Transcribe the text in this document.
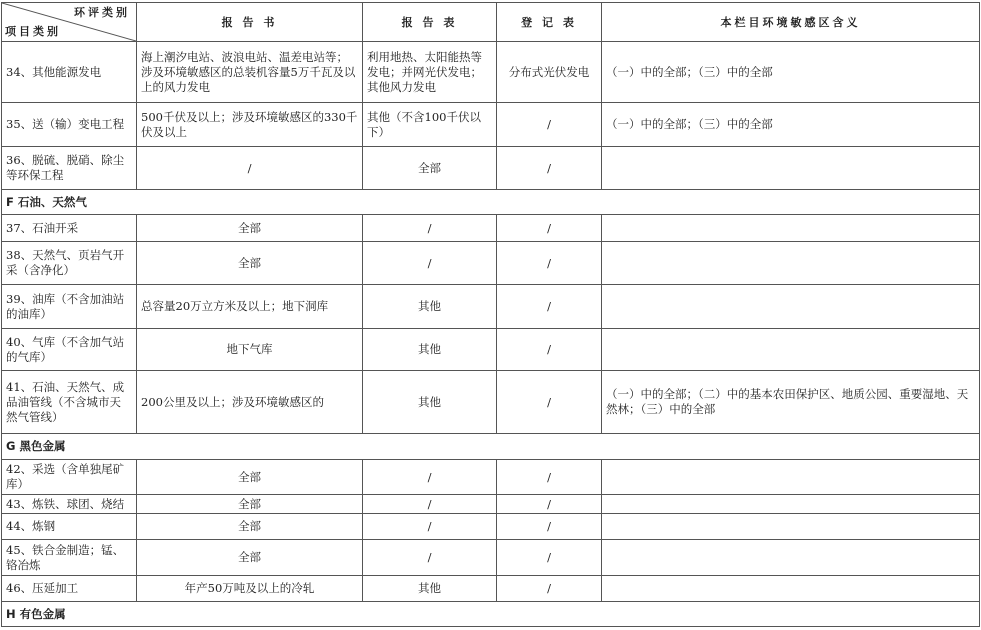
环评类别
项目类别	报 告 书	报 告 表	登 记 表	本栏目环境敏感区含义
34、其他能源发电	海上潮汐电站、波浪电站、温差电站等；涉及环境敏感区的总装机容量5万千瓦及以上的风力发电	利用地热、太阳能热等发电；并网光伏发电；其他风力发电	分布式光伏发电	（一）中的全部；（三）中的全部
35、送（输）变电工程	500千伏及以上；涉及环境敏感区的330千伏及以上	其他（不含100千伏以下）	/	（一）中的全部；（三）中的全部
36、脱硫、脱硝、除尘等环保工程	/	全部	/	
F 石油、天然气				
37、石油开采	全部	/	/	
38、天然气、页岩气开采（含净化）	全部	/	/	
39、油库（不含加油站的油库）	总容量20万立方米及以上；地下洞库	其他	/	
40、气库（不含加气站的气库）	地下气库	其他	/	
41、石油、天然气、成品油管线（不含城市天然气管线）	200公里及以上；涉及环境敏感区的	其他	/	（一）中的全部；（二）中的基本农田保护区、地质公园、重要湿地、天然林；（三）中的全部
G 黑色金属				
42、采选（含单独尾矿库）	全部	/	/	
43、炼铁、球团、烧结	全部	/	/	
44、炼钢	全部	/	/	
45、铁合金制造；锰、铬冶炼	全部	/	/	
46、压延加工	年产50万吨及以上的冷轧	其他	/	
H 有色金属				
